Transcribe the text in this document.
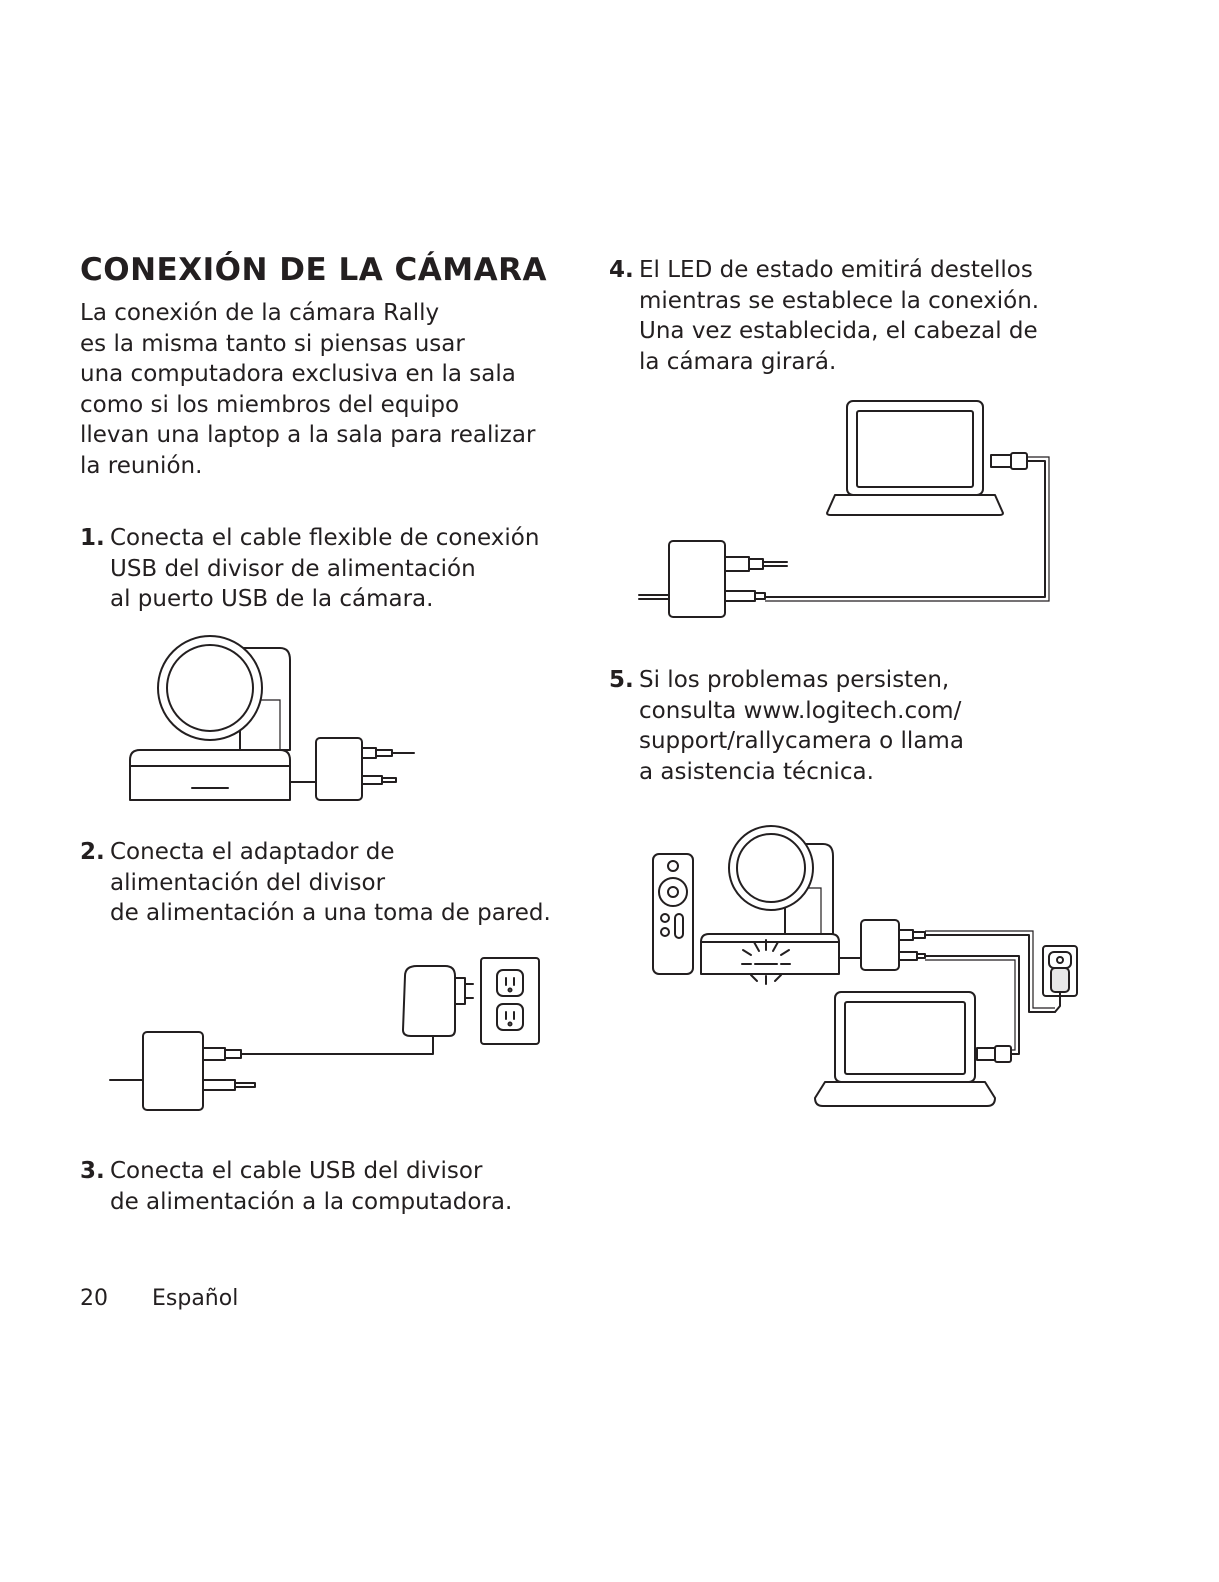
CONEXIÓN DE LA CÁMARA
La conexión de la cámara Rally
es la misma tanto si piensas usar
una computadora exclusiva en la sala
como si los miembros del equipo
llevan una laptop a la sala para realizar
la reunión.
1. Conecta el cable flexible de conexión
USB del divisor de alimentación
al puerto USB de la cámara.
2. Conecta el adaptador de
alimentación del divisor
de alimentación a una toma de pared.
3. Conecta el cable USB del divisor
de alimentación a la computadora.
4. El LED de estado emitirá destellos
mientras se establece la conexión.
Una vez establecida, el cabezal de
la cámara girará.
5. Si los problemas persisten,
consulta www.logitech.com/
support/rallycamera o llama
a asistencia técnica.

20 Español
